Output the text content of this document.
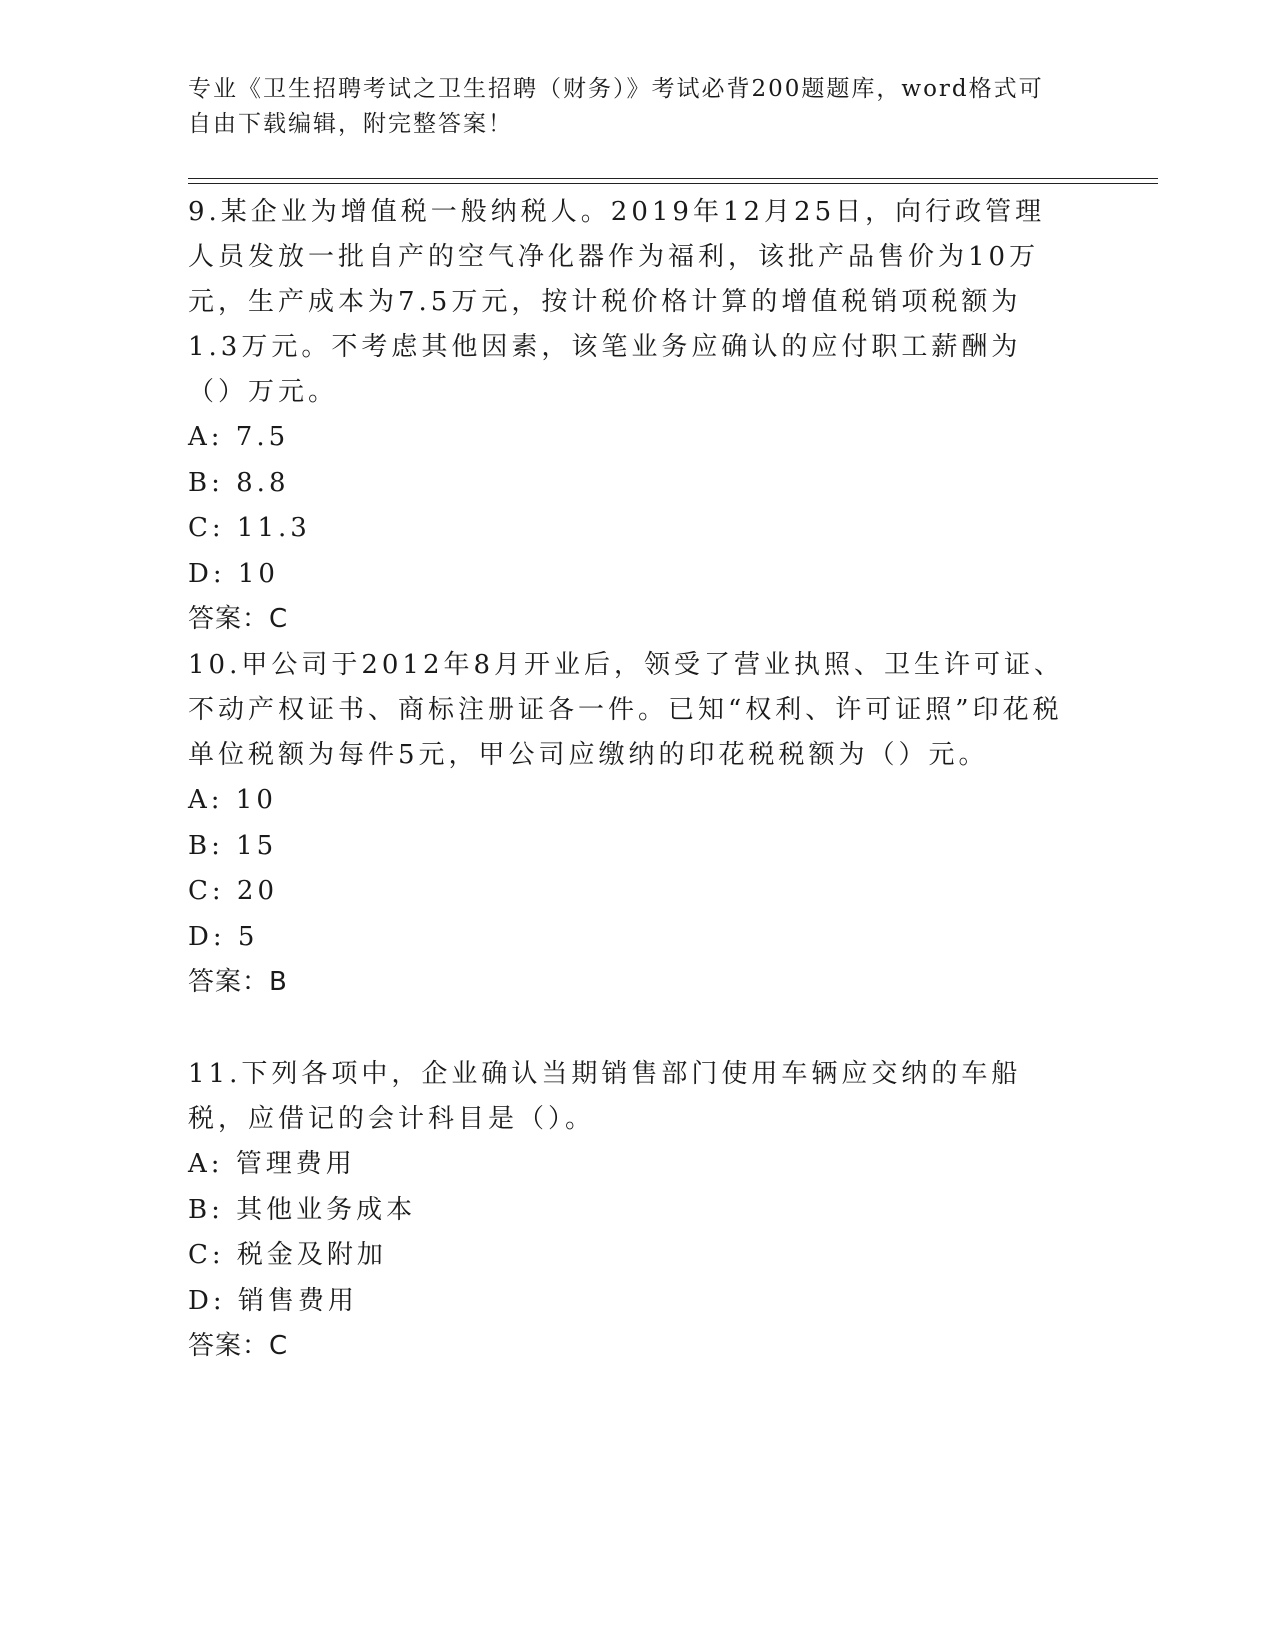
专业《卫生招聘考试之卫生招聘（财务）》考试必背200题题库，word格式可自由下载编辑，附完整答案！

9.某企业为增值税一般纳税人。2019年12月25日，向行政管理人员发放一批自产的空气净化器作为福利，该批产品售价为10万元，生产成本为7.5万元，按计税价格计算的增值税销项税额为1.3万元。不考虑其他因素，该笔业务应确认的应付职工薪酬为（）万元。

A: 7.5
B: 8.8
C: 11.3
D: 10
答案：C

10.甲公司于2012年8月开业后，领受了营业执照、卫生许可证、不动产权证书、商标注册证各一件。已知“权利、许可证照”印花税单位税额为每件5元，甲公司应缴纳的印花税税额为（）元。

A: 10
B: 15
C: 20
D: 5
答案：B

11.下列各项中，企业确认当期销售部门使用车辆应交纳的车船税，应借记的会计科目是（）。

A: 管理费用
B: 其他业务成本
C: 税金及附加
D: 销售费用
答案：C
